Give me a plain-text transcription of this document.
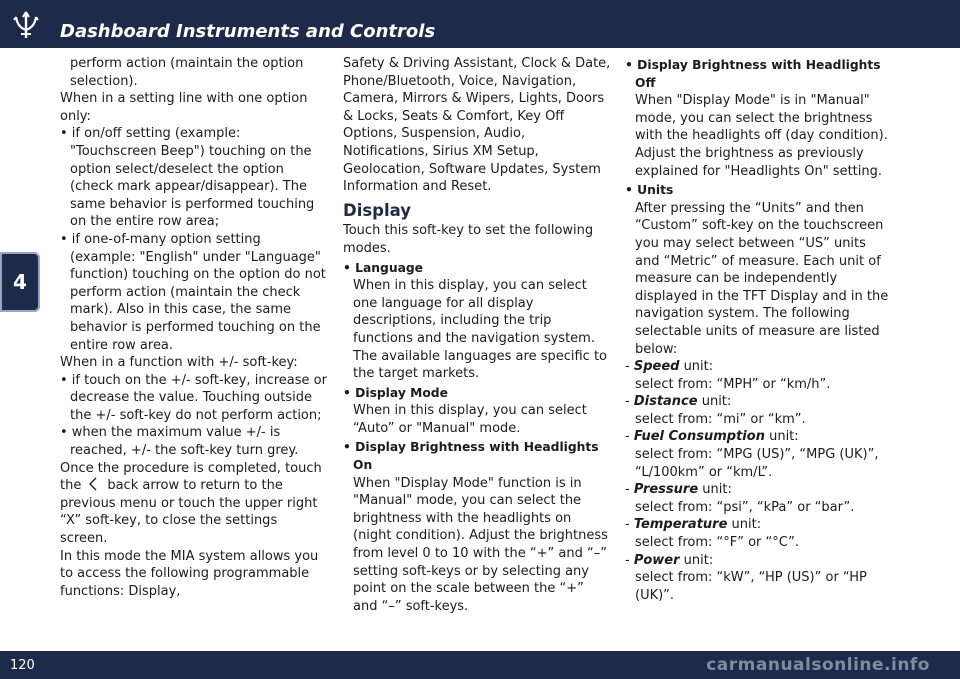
Dashboard Instruments and Controls
4

perform action (maintain the option selection).

When in a setting line with one option only:

• if on/off setting (example: "Touchscreen Beep") touching on the option select/deselect the option (check mark appear/disappear). The same behavior is performed touching on the entire row area;

• if one-of-many option setting (example: "English" under "Language" function) touching on the option do not perform action (maintain the check mark). Also in this case, the same behavior is performed touching on the entire row area.

When in a function with +/- soft-key:

• if touch on the +/- soft-key, increase or decrease the value. Touching outside the +/- soft-key do not perform action;

• when the maximum value +/- is reached, +/- the soft-key turn grey.

Once the procedure is completed, touch the back arrow to return to the previous menu or touch the upper right “X” soft-key, to close the settings screen.

In this mode the MIA system allows you to access the following programmable functions: Display,

Safety & Driving Assistant, Clock & Date, Phone/Bluetooth, Voice, Navigation, Camera, Mirrors & Wipers, Lights, Doors & Locks, Seats & Comfort, Key Off Options, Suspension, Audio, Notifications, Sirius XM Setup, Geolocation, Software Updates, System Information and Reset.

Display

Touch this soft-key to set the following modes.

• Language

When in this display, you can select one language for all display descriptions, including the trip functions and the navigation system. The available languages are specific to the target markets.

• Display Mode

When in this display, you can select “Auto” or "Manual" mode.

• Display Brightness with Headlights On

When "Display Mode" function is in "Manual" mode, you can select the brightness with the headlights on (night condition). Adjust the brightness from level 0 to 10 with the “+” and “–” setting soft-keys or by selecting any point on the scale between the “+” and “–” soft-keys.

• Display Brightness with Headlights Off

When "Display Mode" is in "Manual" mode, you can select the brightness with the headlights off (day condition). Adjust the brightness as previously explained for "Headlights On" setting.

• Units

After pressing the “Units” and then “Custom” soft-key on the touchscreen you may select between “US” units and “Metric” of measure. Each unit of measure can be independently displayed in the TFT Display and in the navigation system. The following selectable units of measure are listed below:

- Speed unit:

select from: “MPH” or “km/h”.

- Distance unit:

select from: “mi” or “km”.

- Fuel Consumption unit:

select from: “MPG (US)”, “MPG (UK)”, “L/100km” or “km/L”.

- Pressure unit:

select from: “psi”, “kPa” or “bar”.

- Temperature unit:

select from: “°F” or “°C”.

- Power unit:

select from: “kW”, “HP (US)” or “HP (UK)”.

120	carmanualsonline.info
